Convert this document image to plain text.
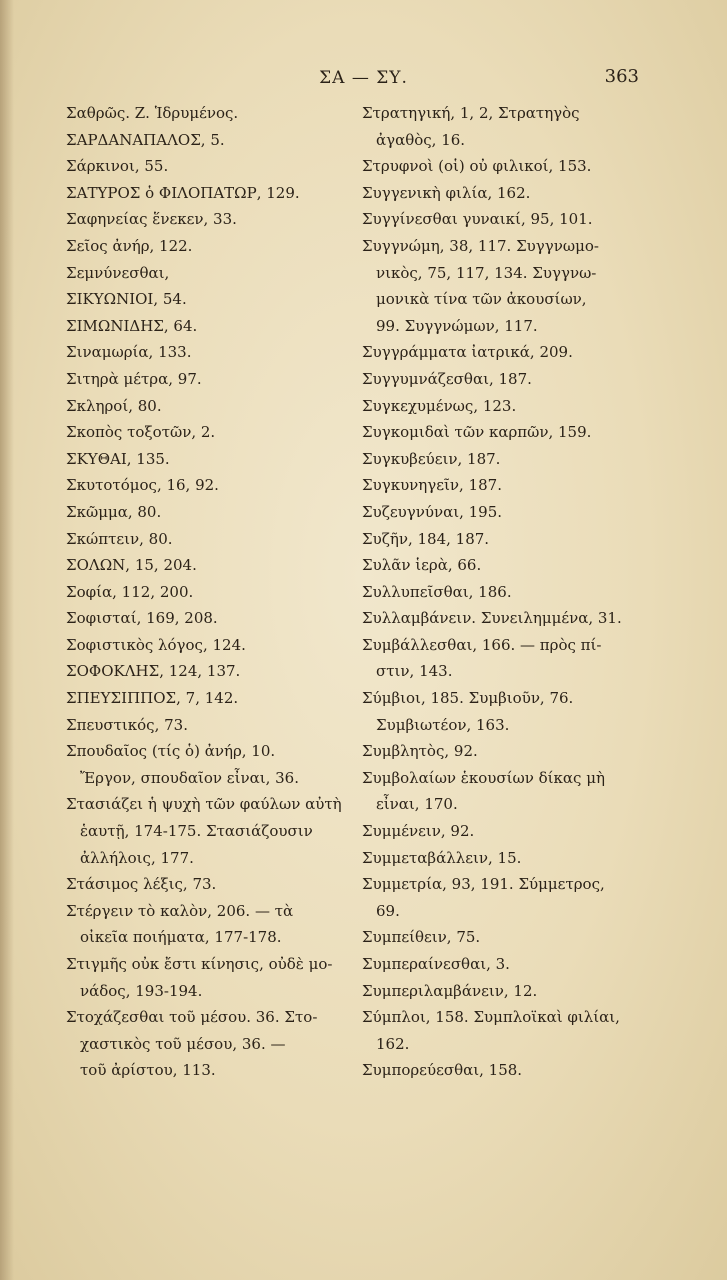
ΣΑ — ΣΥ.	363
Σαθρῶς. Ζ. Ἱδρυμένος.
ΣΑΡΔΑΝΑΠΑΛΟΣ, 5.
Σάρκινοι, 55.
ΣΑΤΥΡΟΣ ὁ ΦΙΛΟΠΑΤΩΡ, 129.
Σαφηνείας ἕνεκεν, 33.
Σεῖος ἀνήρ, 122.
Σεμνύνεσθαι,
ΣΙΚΥΩΝΙΟΙ, 54.
ΣΙΜΩΝΙΔΗΣ, 64.
Σιναμωρία, 133.
Σιτηρὰ μέτρα, 97.
Σκληροί, 80.
Σκοπὸς τοξοτῶν, 2.
ΣΚΥΘΑΙ, 135.
Σκυτοτόμος, 16, 92.
Σκῶμμα, 80.
Σκώπτειν, 80.
ΣΟΛΩΝ, 15, 204.
Σοφία, 112, 200.
Σοφισταί, 169, 208.
Σοφιστικὸς λόγος, 124.
ΣΟΦΟΚΛΗΣ, 124, 137.
ΣΠΕΥΣΙΠΠΟΣ, 7, 142.
Σπευστικός, 73.
Σπουδαῖος (τίς ὁ) ἀνήρ, 10.
Ἔργον, σπουδαῖον εἶναι, 36.
Στασιάζει ἡ ψυχὴ τῶν φαύλων αὐτὴ
ἑαυτῇ, 174-175. Στασιάζουσιν
ἀλλήλοις, 177.
Στάσιμος λέξις, 73.
Στέργειν τὸ καλὸν, 206. — τὰ
οἰκεῖα ποιήματα, 177-178.
Στιγμῆς οὐκ ἔστι κίνησις, οὐδὲ μο-
νάδος, 193-194.
Στοχάζεσθαι τοῦ μέσου. 36. Στο-
χαστικὸς τοῦ μέσου, 36. —
τοῦ ἀρίστου, 113.
Στρατηγική, 1, 2, Στρατηγὸς
ἀγαθὸς, 16.
Στρυφνοὶ (οἱ) οὐ φιλικοί, 153.
Συγγενικὴ φιλία, 162.
Συγγίνεσθαι γυναικί, 95, 101.
Συγγνώμη, 38, 117. Συγγνωμο-
νικὸς, 75, 117, 134. Συγγνω-
μονικὰ τίνα τῶν ἀκουσίων,
99. Συγγνώμων, 117.
Συγγράμματα ἰατρικά, 209.
Συγγυμνάζεσθαι, 187.
Συγκεχυμένως, 123.
Συγκομιδαὶ τῶν καρπῶν, 159.
Συγκυβεύειν, 187.
Συγκυνηγεῖν, 187.
Συζευγνύναι, 195.
Συζῆν, 184, 187.
Συλᾶν ἱερὰ, 66.
Συλλυπεῖσθαι, 186.
Συλλαμβάνειν. Συνειλημμένα, 31.
Συμβάλλεσθαι, 166. — πρὸς πί-
στιν, 143.
Σύμβιοι, 185. Συμβιοῦν, 76.
Συμβιωτέον, 163.
Συμβλητὸς, 92.
Συμβολαίων ἑκουσίων δίκας μὴ
εἶναι, 170.
Συμμένειν, 92.
Συμμεταβάλλειν, 15.
Συμμετρία, 93, 191. Σύμμετρος,
69.
Συμπείθειν, 75.
Συμπεραίνεσθαι, 3.
Συμπεριλαμβάνειν, 12.
Σύμπλοι, 158. Συμπλοϊκαὶ φιλίαι,
162.
Συμπορεύεσθαι, 158.
